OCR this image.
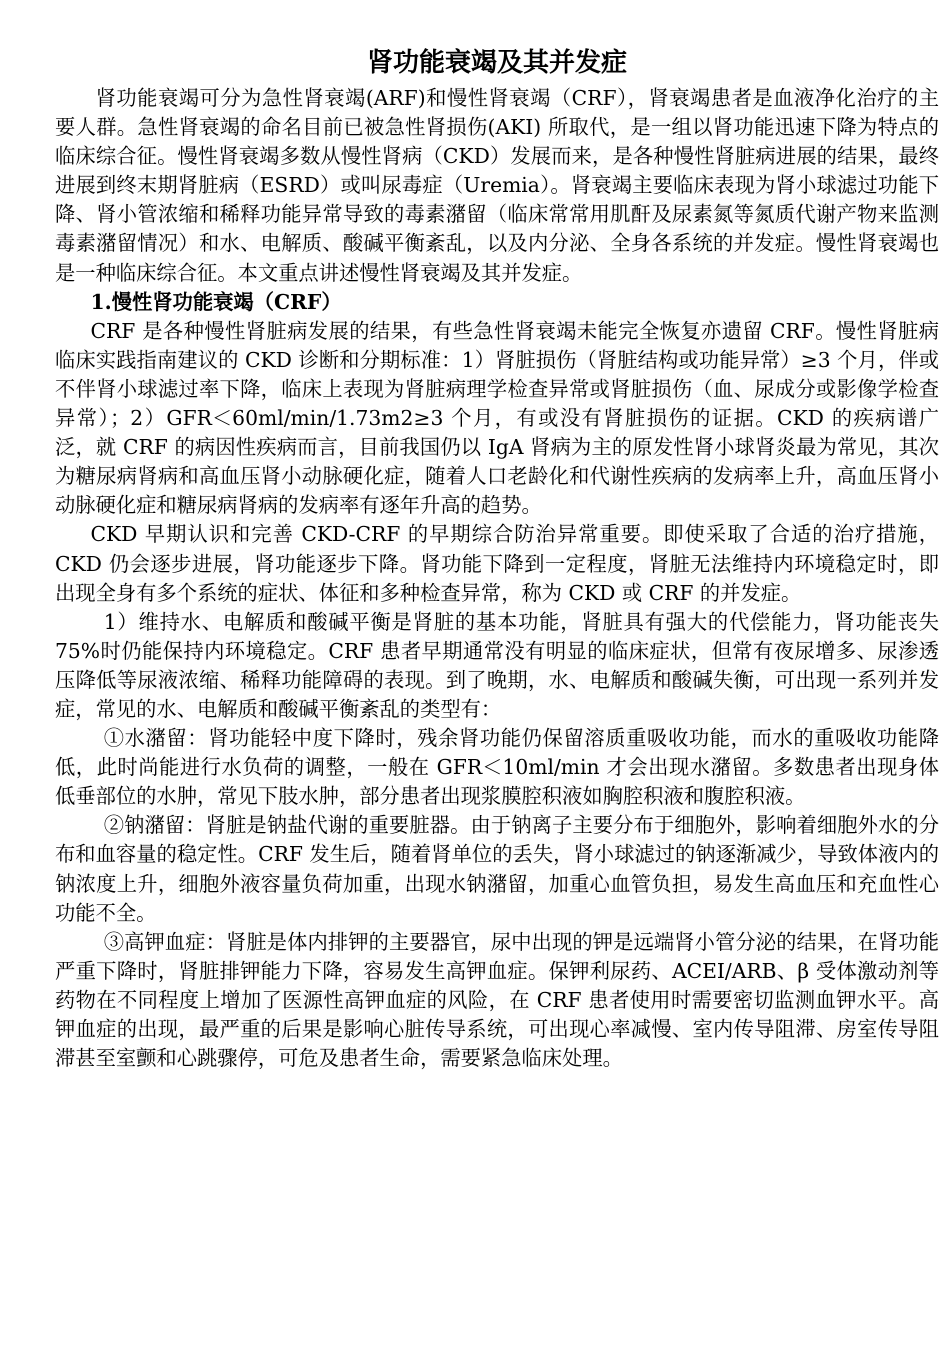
肾功能衰竭及其并发症

肾功能衰竭可分为急性肾衰竭(ARF)和慢性肾衰竭（CRF），肾衰竭患者是血液净化治疗的主要人群。急性肾衰竭的命名目前已被急性肾损伤(AKI) 所取代，是一组以肾功能迅速下降为特点的临床综合征。慢性肾衰竭多数从慢性肾病（CKD）发展而来，是各种慢性肾脏病进展的结果，最终进展到终末期肾脏病（ESRD）或叫尿毒症（Uremia）。肾衰竭主要临床表现为肾小球滤过功能下降、肾小管浓缩和稀释功能异常导致的毒素潴留（临床常常用肌酐及尿素氮等氮质代谢产物来监测毒素潴留情况）和水、电解质、酸碱平衡紊乱，以及内分泌、全身各系统的并发症。慢性肾衰竭也是一种临床综合征。本文重点讲述慢性肾衰竭及其并发症。

1.慢性肾功能衰竭（CRF）

CRF 是各种慢性肾脏病发展的结果，有些急性肾衰竭未能完全恢复亦遗留 CRF。慢性肾脏病临床实践指南建议的 CKD 诊断和分期标准：1）肾脏损伤（肾脏结构或功能异常）≥3 个月，伴或不伴肾小球滤过率下降，临床上表现为肾脏病理学检查异常或肾脏损伤（血、尿成分或影像学检查异常）；2）GFR＜60ml/min/1.73m2≥3 个月，有或没有肾脏损伤的证据。CKD 的疾病谱广泛，就 CRF 的病因性疾病而言，目前我国仍以 IgA 肾病为主的原发性肾小球肾炎最为常见，其次为糖尿病肾病和高血压肾小动脉硬化症，随着人口老龄化和代谢性疾病的发病率上升，高血压肾小动脉硬化症和糖尿病肾病的发病率有逐年升高的趋势。

CKD 早期认识和完善 CKD-CRF 的早期综合防治异常重要。即使采取了合适的治疗措施，CKD 仍会逐步进展，肾功能逐步下降。肾功能下降到一定程度，肾脏无法维持内环境稳定时，即出现全身有多个系统的症状、体征和多种检查异常，称为 CKD 或 CRF 的并发症。

1）维持水、电解质和酸碱平衡是肾脏的基本功能，肾脏具有强大的代偿能力，肾功能丧失 75%时仍能保持内环境稳定。CRF 患者早期通常没有明显的临床症状，但常有夜尿增多、尿渗透压降低等尿液浓缩、稀释功能障碍的表现。到了晚期，水、电解质和酸碱失衡，可出现一系列并发症，常见的水、电解质和酸碱平衡紊乱的类型有：

①水潴留：肾功能轻中度下降时，残余肾功能仍保留溶质重吸收功能，而水的重吸收功能降低，此时尚能进行水负荷的调整，一般在 GFR＜10ml/min 才会出现水潴留。多数患者出现身体低垂部位的水肿，常见下肢水肿，部分患者出现浆膜腔积液如胸腔积液和腹腔积液。

②钠潴留：肾脏是钠盐代谢的重要脏器。由于钠离子主要分布于细胞外，影响着细胞外水的分布和血容量的稳定性。CRF 发生后，随着肾单位的丢失，肾小球滤过的钠逐渐减少，导致体液内的钠浓度上升，细胞外液容量负荷加重，出现水钠潴留，加重心血管负担，易发生高血压和充血性心功能不全。

③高钾血症：肾脏是体内排钾的主要器官，尿中出现的钾是远端肾小管分泌的结果，在肾功能严重下降时，肾脏排钾能力下降，容易发生高钾血症。保钾利尿药、ACEI/ARB、β 受体激动剂等药物在不同程度上增加了医源性高钾血症的风险，在 CRF 患者使用时需要密切监测血钾水平。高钾血症的出现，最严重的后果是影响心脏传导系统，可出现心率减慢、室内传导阻滞、房室传导阻滞甚至室颤和心跳骤停，可危及患者生命，需要紧急临床处理。
